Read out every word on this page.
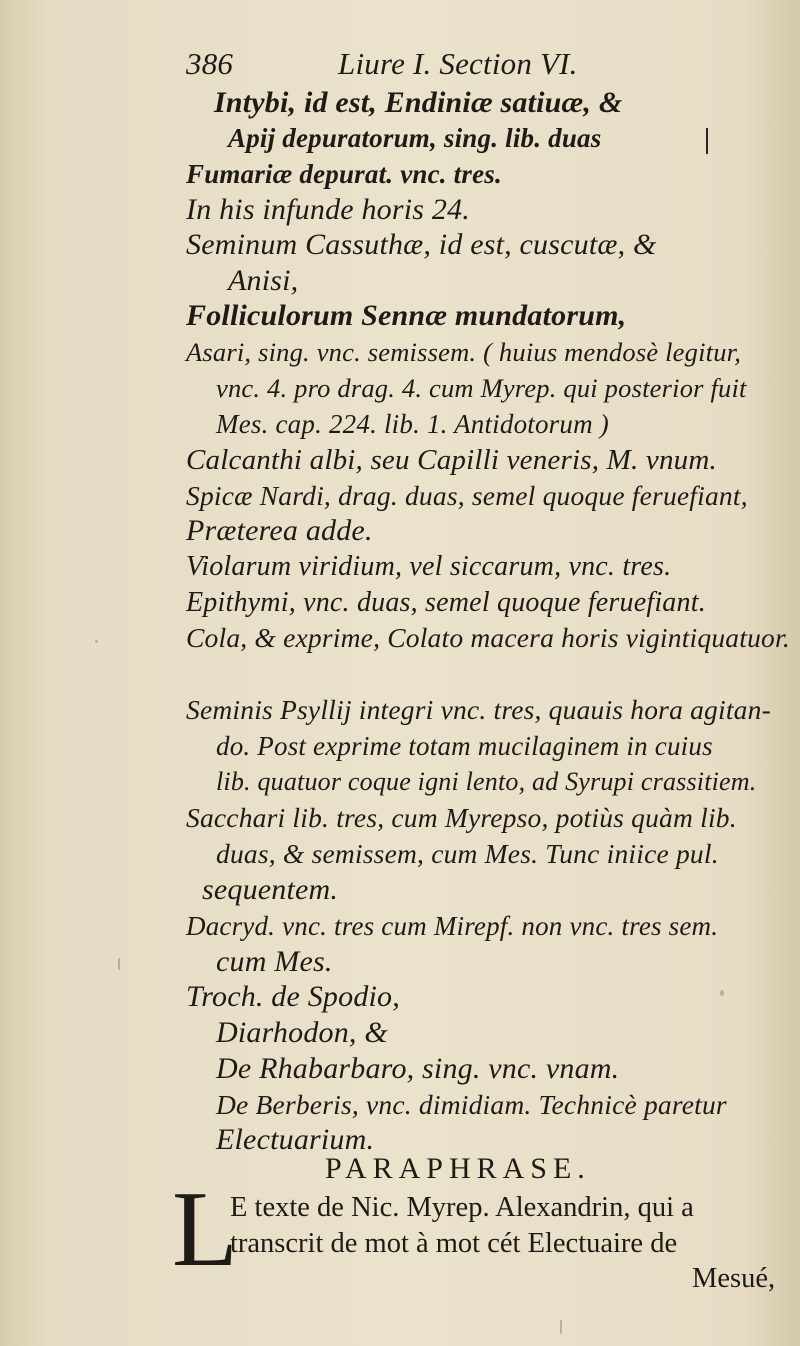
386	Liure I. Section VI.
Intybi, id est, Endiniæ satiuæ, &
Apij depuratorum, sing. lib. duas
Fumariæ depurat. vnc. tres.
In his infunde horis 24.
Seminum Cassuthæ, id est, cuscutæ, &
Anisi,
Folliculorum Sennæ mundatorum,
Asari, sing. vnc. semissem. ( huius mendosè legitur,
vnc. 4. pro drag. 4. cum Myrep. qui posterior fuit
Mes. cap. 224. lib. 1. Antidotorum )
Calcanthi albi, seu Capilli veneris, M. vnum.
Spicæ Nardi, drag. duas, semel quoque feruefiant,
Præterea adde.
Violarum viridium, vel siccarum, vnc. tres.
Epithymi, vnc. duas, semel quoque feruefiant.
Cola, & exprime, Colato macera horis vigintiquatuor.
Seminis Psyllij integri vnc. tres, quauis hora agitan-
do. Post exprime totam mucilaginem in cuius
lib. quatuor coque igni lento, ad Syrupi crassitiem.
Sacchari lib. tres, cum Myrepso, potiùs quàm lib.
duas, & semissem, cum Mes. Tunc iniice pul.
sequentem.
Dacryd. vnc. tres cum Mirepf. non vnc. tres sem.
cum Mes.
Troch. de Spodio,
Diarhodon, &
De Rhabarbaro, sing. vnc. vnam.
De Berberis, vnc. dimidiam. Technicè paretur
Electuarium.
PARAPHRASE.
L
E texte de Nic. Myrep. Alexandrin, qui a
transcrit de mot à mot cét Electuaire de
Mesué,
